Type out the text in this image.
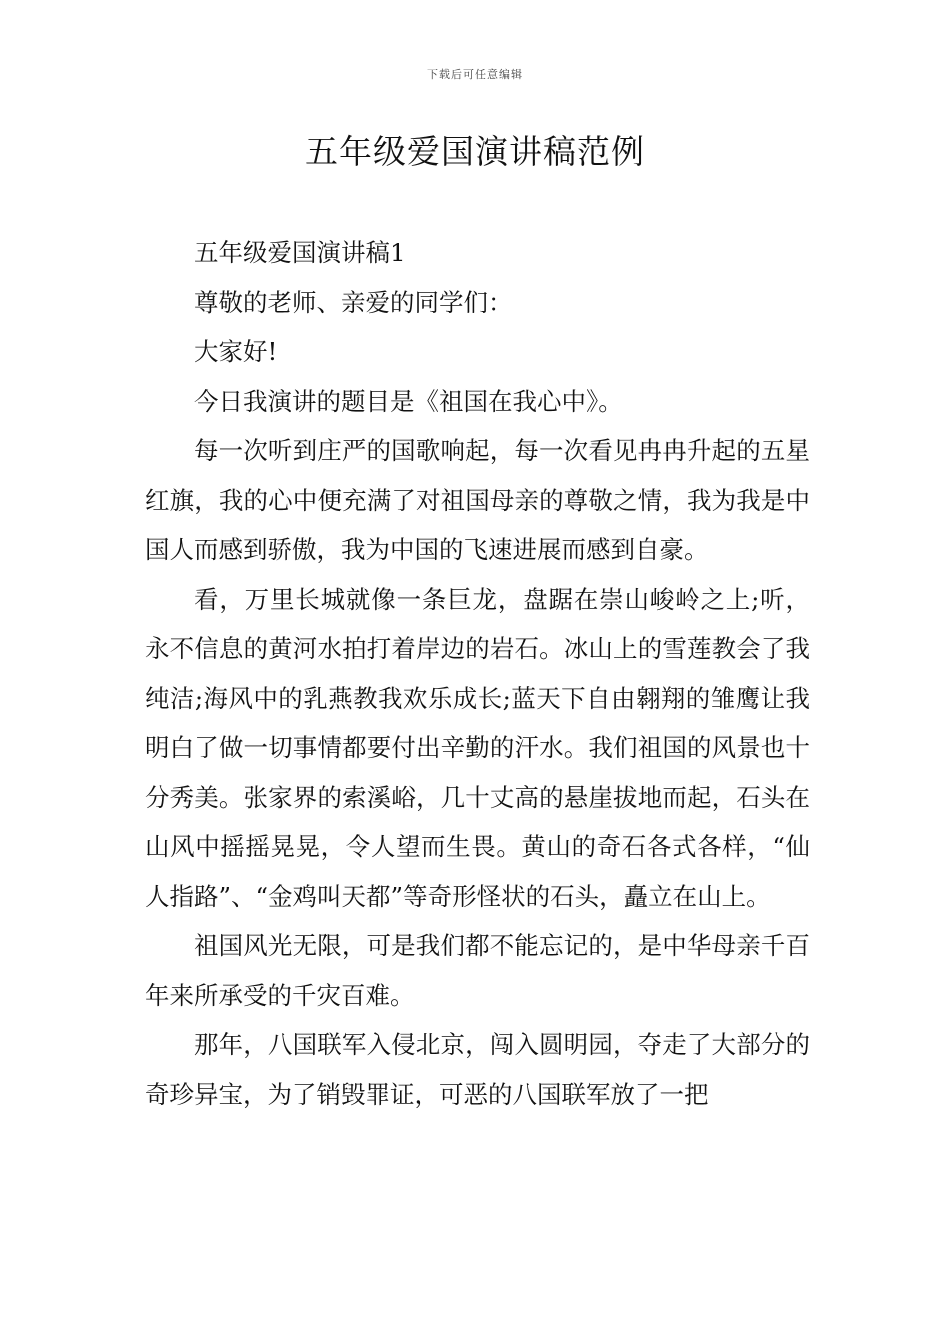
下载后可任意编辑
五年级爱国演讲稿范例

五年级爱国演讲稿1

尊敬的老师、亲爱的同学们：

大家好!

今日我演讲的题目是《祖国在我心中》。

每一次听到庄严的国歌响起，每一次看见冉冉升起的五星红旗，我的心中便充满了对祖国母亲的尊敬之情，我为我是中国人而感到骄傲，我为中国的飞速进展而感到自豪。

看，万里长城就像一条巨龙，盘踞在崇山峻岭之上;听，永不信息的黄河水拍打着岸边的岩石。冰山上的雪莲教会了我纯洁;海风中的乳燕教我欢乐成长;蓝天下自由翱翔的雏鹰让我明白了做一切事情都要付出辛勤的汗水。我们祖国的风景也十分秀美。张家界的索溪峪，几十丈高的悬崖拔地而起，石头在山风中摇摇晃晃，令人望而生畏。黄山的奇石各式各样，“仙人指路”、“金鸡叫天都”等奇形怪状的石头，矗立在山上。

祖国风光无限，可是我们都不能忘记的，是中华母亲千百年来所承受的千灾百难。

那年，八国联军入侵北京，闯入圆明园，夺走了大部分的奇珍异宝，为了销毁罪证，可恶的八国联军放了一把
